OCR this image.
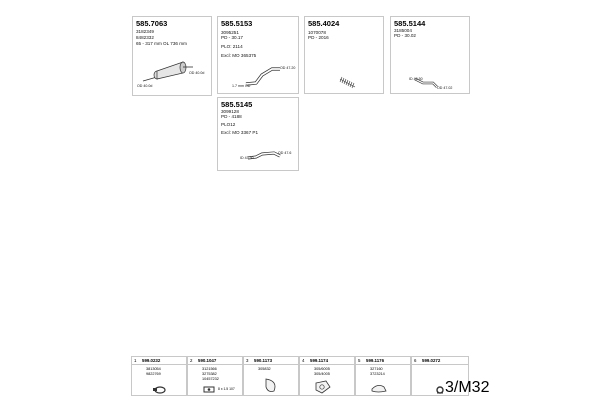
OD 40.0d
OD 40.0d
585.7063
3182349
8482332
65 - 317 mm OL 736 mm
OD 47.20
1.7 mm OD
585.5153
3095251
PD - 30.17
PLO: 2114
Excl: MO 365375
585.4024
1070078
PD - 2016
ID 49.50
OD 47.02
585.5144
3185004
PD - 30.02
ID 43.50
OD 47.6
585.5145
3099128
PD - 4188
PLO12
Excl: MO 3367 P1
1 599.0232
3813054
9822769
2 590.1047
3121566
3275382
10457232
8 x 1.5 107
3 590.1173
305832
4 599.1174
305/6005
305/4005
5 599.1176
327160
3723214
6 599.0272
3/M32
